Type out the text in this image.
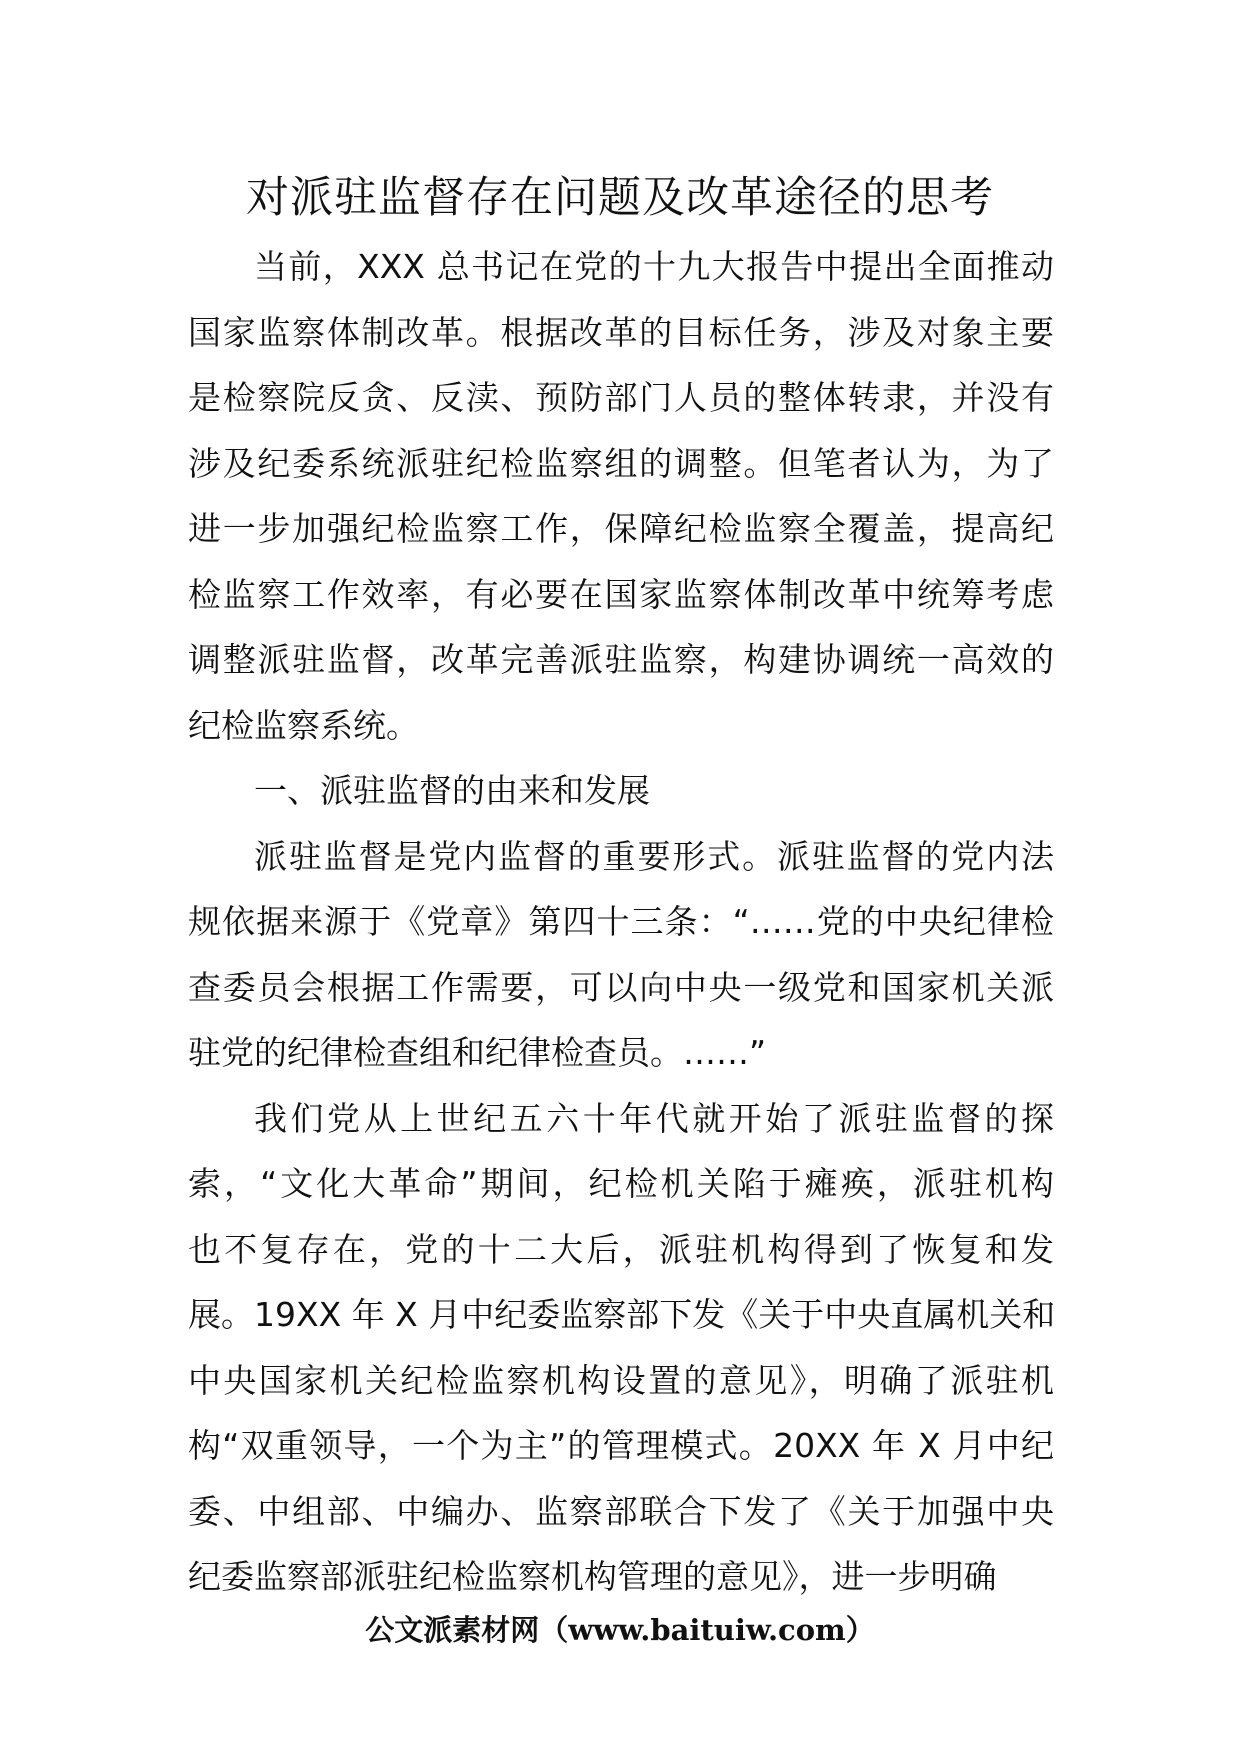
对派驻监督存在问题及改革途径的思考
当前，XXX 总书记在党的十九大报告中提出全面推动
国家监察体制改革。根据改革的目标任务，涉及对象主要
是检察院反贪、反渎、预防部门人员的整体转隶，并没有
涉及纪委系统派驻纪检监察组的调整。但笔者认为，为了
进一步加强纪检监察工作，保障纪检监察全覆盖，提高纪
检监察工作效率，有必要在国家监察体制改革中统筹考虑
调整派驻监督，改革完善派驻监察，构建协调统一高效的
纪检监察系统。
一、派驻监督的由来和发展
派驻监督是党内监督的重要形式。派驻监督的党内法
规依据来源于《党章》第四十三条：“……党的中央纪律检
查委员会根据工作需要，可以向中央一级党和国家机关派
驻党的纪律检查组和纪律检查员。……”
我们党从上世纪五六十年代就开始了派驻监督的探
索，“文化大革命”期间，纪检机关陷于瘫痪，派驻机构
也不复存在，党的十二大后，派驻机构得到了恢复和发
展。19XX 年 X 月中纪委监察部下发《关于中央直属机关和
中央国家机关纪检监察机构设置的意见》，明确了派驻机
构“双重领导，一个为主”的管理模式。20XX 年 X 月中纪
委、中组部、中编办、监察部联合下发了《关于加强中央
纪委监察部派驻纪检监察机构管理的意见》，进一步明确
公文派素材网（www.baituiw.com）
